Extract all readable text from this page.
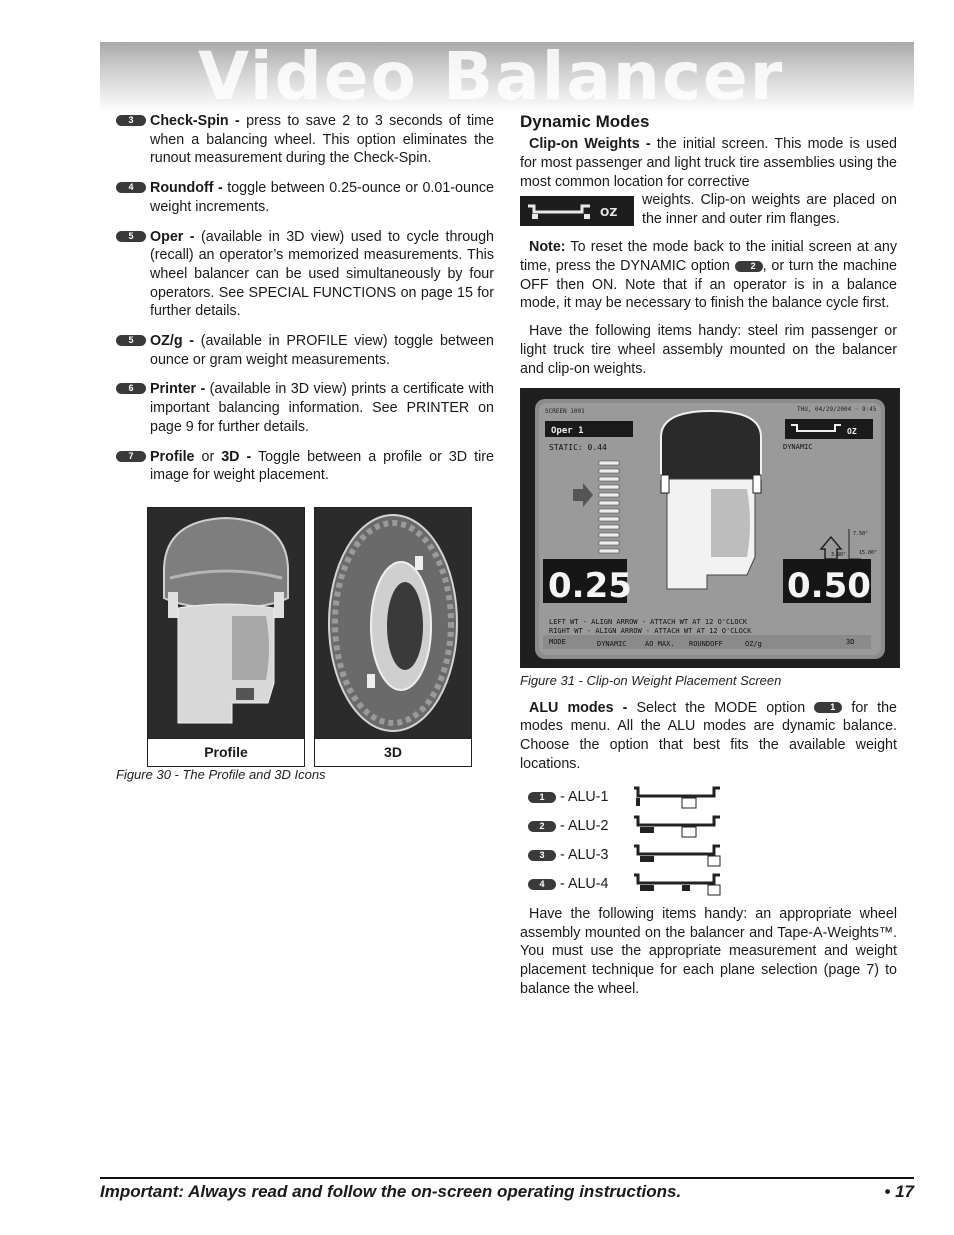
Video Balancer
3	Check-Spin - press to save 2 to 3 seconds of time when a balancing wheel. This option eliminates the runout measurement during the Check-Spin.
4	Roundoff - toggle between 0.25-ounce or 0.01-ounce weight increments.
5	Oper - (available in 3D view) used to cycle through (recall) an operator’s memorized measurements. This wheel balancer can be used simultaneously by four operators. See SPECIAL FUNCTIONS on page 15 for further details.
5	OZ/g - (available in PROFILE view) toggle between ounce or gram weight measurements.
6	Printer - (available in 3D view) prints a certificate with important balancing information. See PRINTER on page 9 for further details.
7	Profile or 3D - Toggle between a profile or 3D tire image for weight placement.
Profile	3D
Figure 30 - The Profile and 3D Icons
Dynamic Modes

Clip-on Weights - the initial screen. This mode is used for most passenger and light truck tire assemblies using the most common location for corrective

OZ
weights. Clip-on weights are placed on the inner and outer rim flanges.

Note: To reset the mode back to the initial screen at any time, press the DYNAMIC option 2 , or turn the machine OFF then ON. Note that if an operator is in a balance mode, it may be necessary to finish the balance cycle first.

Have the following items handy: steel rim passenger or light truck tire wheel assembly mounted on the balancer and clip-on weights.

SCREEN 1001	THU, 04/29/2004 ◦ 9:45
Oper 1
STATIC: 0.44
OZ
DYNAMIC
7.50"
15.00"
3.90"
0.25	0.50
LEFT WT - ALIGN ARROW - ATTACH WT AT 12 O'CLOCK
RIGHT WT - ALIGN ARROW - ATTACH WT AT 12 O'CLOCK
MODE	DYNAMIC	AO MAX. ROUNDOFF	OZ/g	3D
Figure 31 - Clip-on Weight Placement Screen

ALU modes - Select the MODE option 1 for the modes menu. All the ALU modes are dynamic balance. Choose the option that best fits the available weight locations.

1	- ALU-1
2	- ALU-2
3	- ALU-3
4	- ALU-4

Have the following items handy: an appropriate wheel assembly mounted on the balancer and Tape-A-Weights™. You must use the appropriate measurement and weight placement technique for each plane selection (page 7) to balance the wheel.

Important: Always read and follow the on-screen operating instructions.	• 17
